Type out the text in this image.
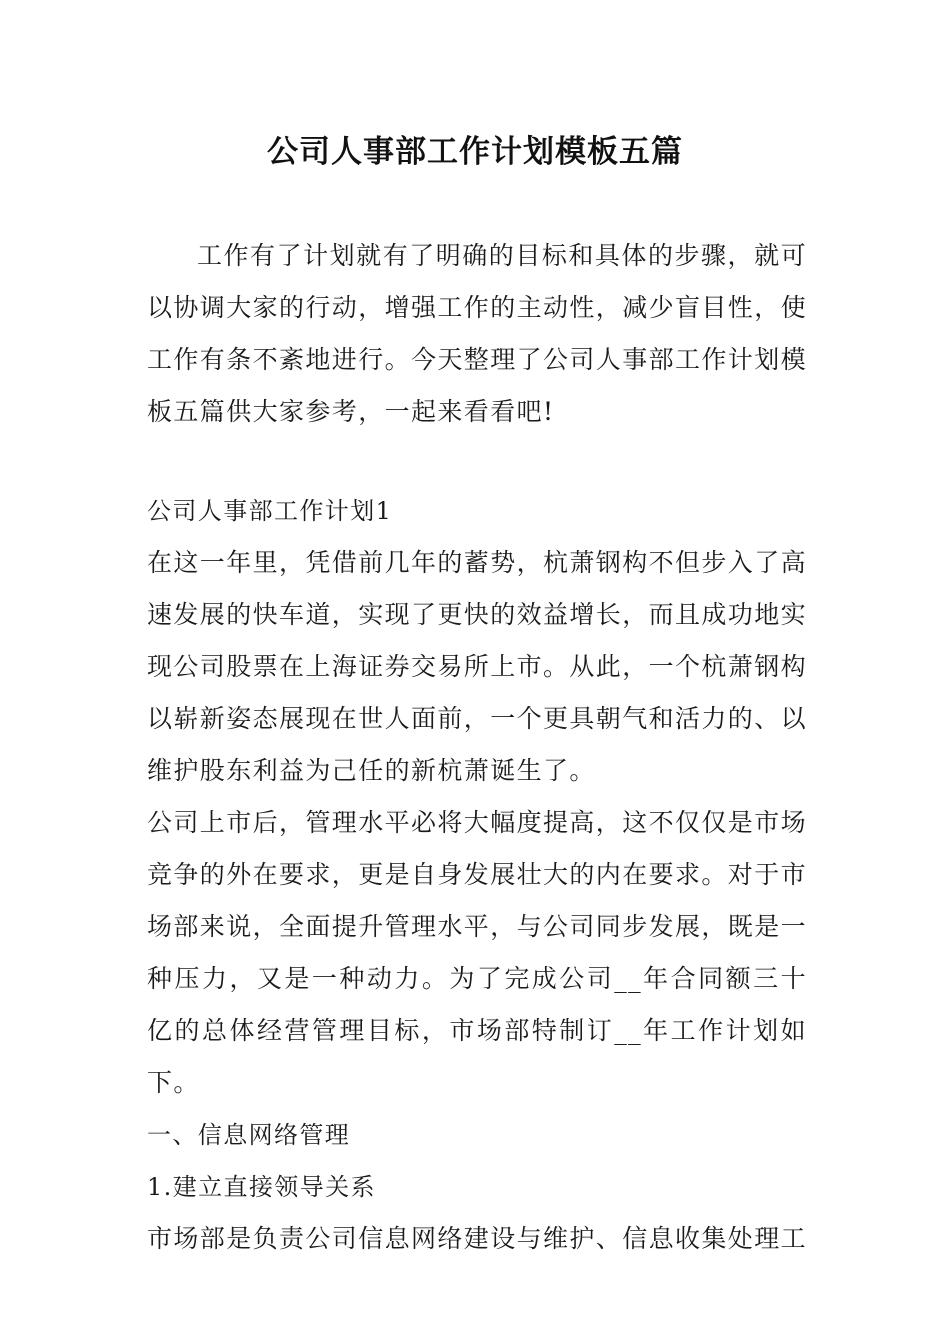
公司人事部工作计划模板五篇

工作有了计划就有了明确的目标和具体的步骤，就可以协调大家的行动，增强工作的主动性，减少盲目性，使工作有条不紊地进行。今天整理了公司人事部工作计划模板五篇供大家参考，一起来看看吧!

公司人事部工作计划1

在这一年里，凭借前几年的蓄势，杭萧钢构不但步入了高速发展的快车道，实现了更快的效益增长，而且成功地实现公司股票在上海证券交易所上市。从此，一个杭萧钢构以崭新姿态展现在世人面前，一个更具朝气和活力的、以维护股东利益为己任的新杭萧诞生了。

公司上市后，管理水平必将大幅度提高，这不仅仅是市场竞争的外在要求，更是自身发展壮大的内在要求。对于市场部来说，全面提升管理水平，与公司同步发展，既是一种压力，又是一种动力。为了完成公司__年合同额三十亿的总体经营管理目标，市场部特制订__年工作计划如下。

一、信息网络管理

1.建立直接领导关系

市场部是负责公司信息网络建设与维护、信息收集处理工
